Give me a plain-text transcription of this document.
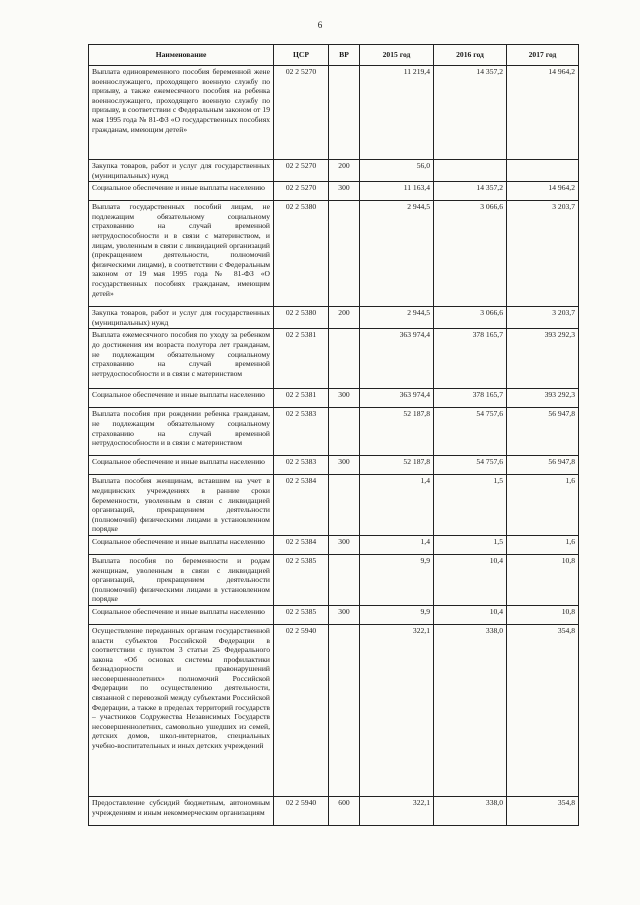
6
Наименование	ЦСР	ВР	2015 год	2016 год	2017 год
Выплата единовременного пособия беременной жене военнослужащего, проходящего военную службу по призыву, а также ежемесячного пособия на ребенка военнослужащего, проходящего военную службу по призыву, в соответствии с Федеральным законом от 19 мая 1995 года № 81-ФЗ «О государственных пособиях гражданам, имеющим детей»	02 2 5270		11 219,4	14 357,2	14 964,2
Закупка товаров, работ и услуг для государственных (муниципальных) нужд	02 2 5270	200	56,0		
Социальное обеспечение и иные выплаты населению	02 2 5270	300	11 163,4	14 357,2	14 964,2
Выплата государственных пособий лицам, не подлежащим обязательному социальному страхованию на случай временной нетрудоспособности и в связи с материнством, и лицам, уволенным в связи с ликвидацией организаций (прекращением деятельности, полномочий физическими лицами), в соответствии с Федеральным законом от 19 мая 1995 года № 81-ФЗ «О государственных пособиях гражданам, имеющим детей»	02 2 5380		2 944,5	3 066,6	3 203,7
Закупка товаров, работ и услуг для государственных (муниципальных) нужд	02 2 5380	200	2 944,5	3 066,6	3 203,7
Выплата ежемесячного пособия по уходу за ребенком до достижения им возраста полутора лет гражданам, не подлежащим обязательному социальному страхованию на случай временной нетрудоспособности и в связи с материнством	02 2 5381		363 974,4	378 165,7	393 292,3
Социальное обеспечение и иные выплаты населению	02 2 5381	300	363 974,4	378 165,7	393 292,3
Выплата пособия при рождении ребенка гражданам, не подлежащим обязательному социальному страхованию на случай временной нетрудоспособности и в связи с материнством	02 2 5383		52 187,8	54 757,6	56 947,8
Социальное обеспечение и иные выплаты населению	02 2 5383	300	52 187,8	54 757,6	56 947,8
Выплата пособия женщинам, вставшим на учет в медицинских учреждениях в ранние сроки беременности, уволенным в связи с ликвидацией организаций, прекращением деятельности (полномочий) физическими лицами в установленном порядке	02 2 5384		1,4	1,5	1,6
Социальное обеспечение и иные выплаты населению	02 2 5384	300	1,4	1,5	1,6
Выплата пособия по беременности и родам женщинам, уволенным в связи с ликвидацией организаций, прекращением деятельности (полномочий) физическими лицами в установленном порядке	02 2 5385		9,9	10,4	10,8
Социальное обеспечение и иные выплаты населению	02 2 5385	300	9,9	10,4	10,8
Осуществление переданных органам государственной власти субъектов Российской Федерации в соответствии с пунктом 3 статьи 25 Федерального закона «Об основах системы профилактики безнадзорности и правонарушений несовершеннолетних» полномочий Российской Федерации по осуществлению деятельности, связанной с перевозкой между субъектами Российской Федерации, а также в пределах территорий государств – участников Содружества Независимых Государств несовершеннолетних, самовольно ушедших из семей, детских домов, школ-интернатов, специальных учебно-воспитательных и иных детских учреждений	02 2 5940		322,1	338,0	354,8
Предоставление субсидий бюджетным, автономным учреждениям и иным некоммерческим организациям	02 2 5940	600	322,1	338,0	354,8
